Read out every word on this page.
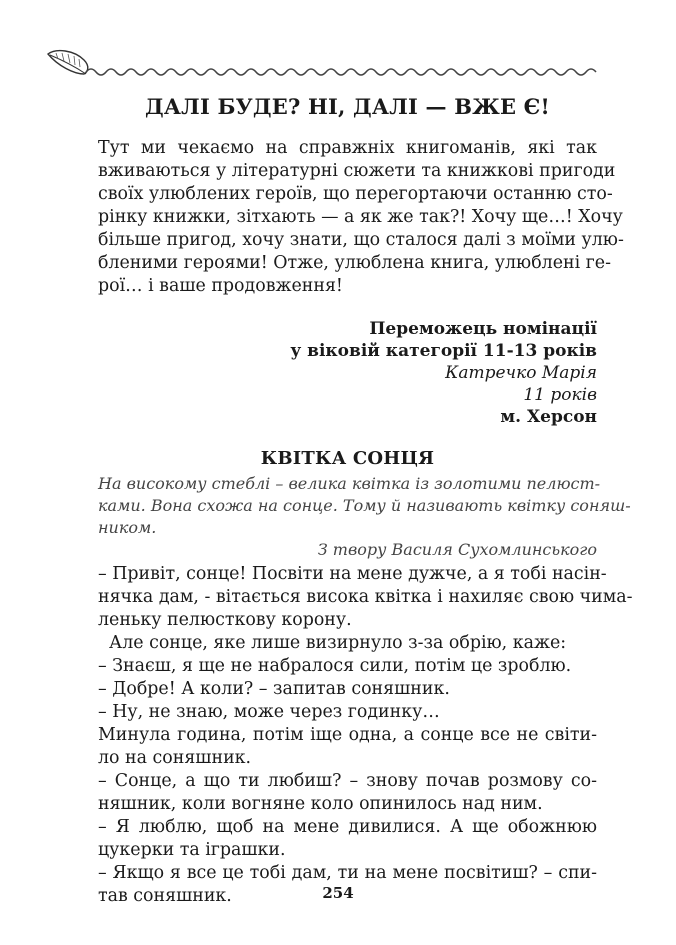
ДАЛІ БУДЕ? НІ, ДАЛІ — ВЖЕ Є!
Тут ми чекаємо на справжніх книгоманів, які так
вживаються у літературні сюжети та книжкові пригоди
своїх улюблених героїв, що перегортаючи останню сто-
рінку книжки, зітхають — а як же так?! Хочу ще…! Хочу
більше пригод, хочу знати, що сталося далі з моїми улю-
бленими героями! Отже, улюблена книга, улюблені ге-
рої… і ваше продовження!
Переможець номінації
у віковій категорії 11-13 років
Катречко Марія
11 років
м. Херсон
КВІТКА СОНЦЯ
На високому стеблі – велика квітка із золотими пелюст-
ками. Вона схожа на сонце. Тому й називають квітку соняш-
ником.
З твору Василя Сухомлинського
– Привіт, сонце! Посвіти на мене дужче, а я тобі насін-
нячка дам, - вітається висока квітка і нахиляє свою чима-
леньку пелюсткову корону.
Але сонце, яке лише визирнуло з-за обрію, каже:
– Знаєш, я ще не набралося сили, потім це зроблю.
– Добре! А коли? – запитав соняшник.
– Ну, не знаю, може через годинку…
Минула година, потім іще одна, а сонце все не світи-
ло на соняшник.
– Сонце, а що ти любиш? – знову почав розмову со-
няшник, коли вогняне коло опинилось над ним.
– Я люблю, щоб на мене дивилися. А ще обожнюю
цукерки та іграшки.
– Якщо я все це тобі дам, ти на мене посвітиш? – спи-
тав соняшник.	254
